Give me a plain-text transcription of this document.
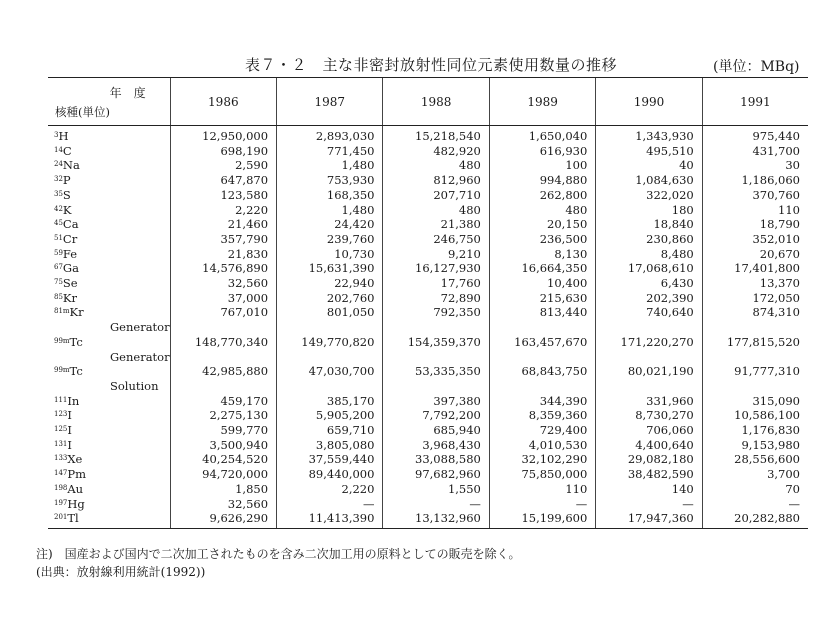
表７・２　主な非密封放射性同位元素使用数量の推移	(単位：MBq)
年度
核種(単位)	1986	1987	1988	1989	1990	1991
$^3$H	12,950,000	2,893,030	15,218,540	1,650,040	1,343,930	975,440
$^{14}$C	698,190	771,450	482,920	616,930	495,510	431,700
$^{24}$Na	2,590	1,480	480	100	40	30
$^{32}$P	647,870	753,930	812,960	994,880	1,084,630	1,186,060
$^{35}$S	123,580	168,350	207,710	262,800	322,020	370,760
$^{42}$K	2,220	1,480	480	480	180	110
$^{45}$Ca	21,460	24,420	21,380	20,150	18,840	18,790
$^{51}$Cr	357,790	239,760	246,750	236,500	230,860	352,010
$^{59}$Fe	21,830	10,730	9,210	8,130	8,480	20,670
$^{67}$Ga	14,576,890	15,631,390	16,127,930	16,664,350	17,068,610	17,401,800
$^{75}$Se	32,560	22,940	17,760	10,400	6,430	13,370
$^{85}$Kr	37,000	202,760	72,890	215,630	202,390	172,050
$^{81m}$Kr	767,010	801,050	792,350	813,440	740,640	874,310
Generator						
$^{99m}$Tc	148,770,340	149,770,820	154,359,370	163,457,670	171,220,270	177,815,520
Generator						
$^{99m}$Tc	42,985,880	47,030,700	53,335,350	68,843,750	80,021,190	91,777,310
Solution						
$^{111}$In	459,170	385,170	397,380	344,390	331,960	315,090
$^{123}$I	2,275,130	5,905,200	7,792,200	8,359,360	8,730,270	10,586,100
$^{125}$I	599,770	659,710	685,940	729,400	706,060	1,176,830
$^{131}$I	3,500,940	3,805,080	3,968,430	4,010,530	4,400,640	9,153,980
$^{133}$Xe	40,254,520	37,559,440	33,088,580	32,102,290	29,082,180	28,556,600
$^{147}$Pm	94,720,000	89,440,000	97,682,960	75,850,000	38,482,590	3,700
$^{198}$Au	1,850	2,220	1,550	110	140	70
$^{197}$Hg	32,560	—	—	—	—	—
$^{201}$Tl	9,626,290	11,413,390	13,132,960	15,199,600	17,947,360	20,282,880
注)　国産および国内で二次加工されたものを含み二次加工用の原料としての販売を除く。
(出典：放射線利用統計(1992))
